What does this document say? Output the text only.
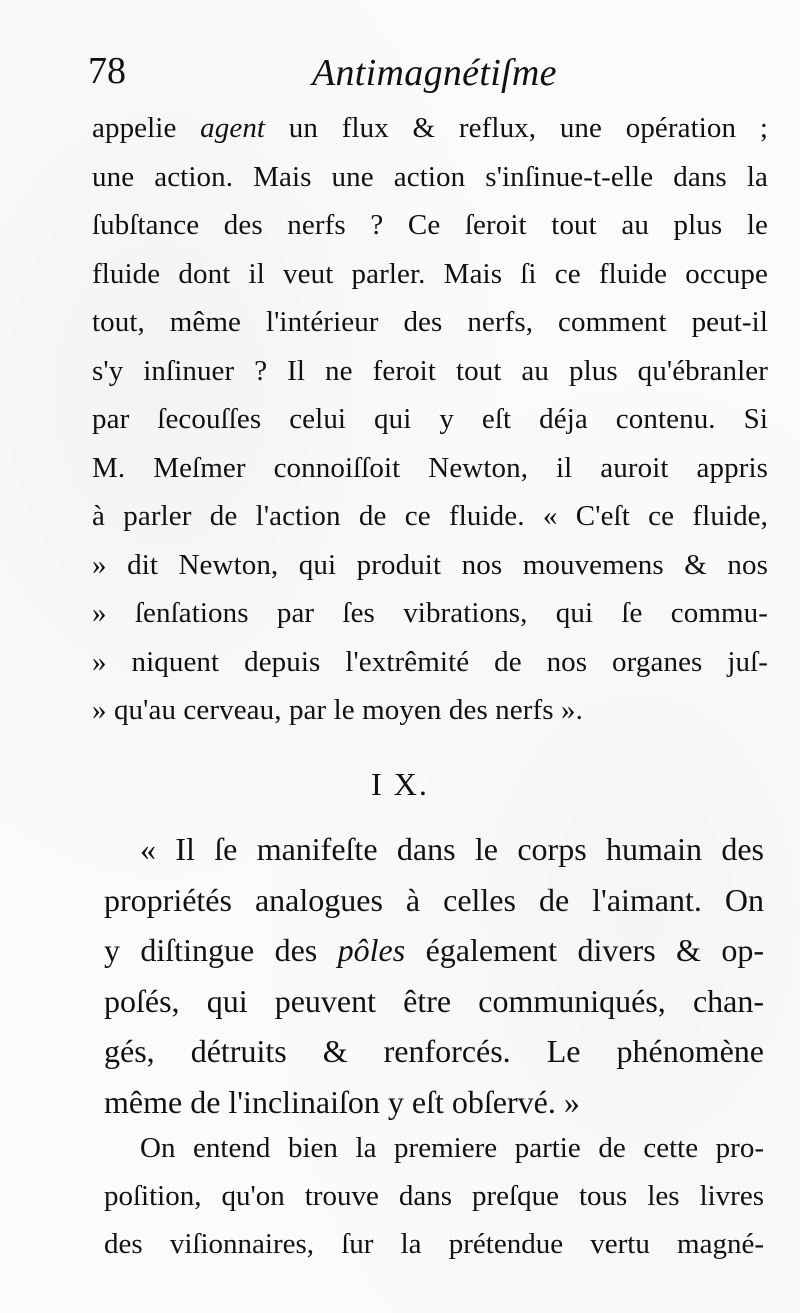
78	Antimagnétiſme
appelie agent un flux & reflux, une opération ;
une action. Mais une action s'inſinue-t-elle dans la
ſubſtance des nerfs ? Ce ſeroit tout au plus le
fluide dont il veut parler. Mais ſi ce fluide occupe
tout, même l'intérieur des nerfs, comment peut-il
s'y inſinuer ? Il ne feroit tout au plus qu'ébranler
par ſecouſſes celui qui y eſt déja contenu. Si
M. Meſmer connoiſſoit Newton, il auroit appris
à parler de l'action de ce fluide. « C'eſt ce fluide,
» dit Newton, qui produit nos mouvemens & nos
» ſenſations par ſes vibrations, qui ſe commu-
» niquent depuis l'extrêmité de nos organes juſ-
» qu'au cerveau, par le moyen des nerfs ».
I X.
« Il ſe manifeſte dans le corps humain des
propriétés analogues à celles de l'aimant. On
y diſtingue des pôles également divers & op-
poſés, qui peuvent être communiqués, chan-
gés, détruits & renforcés. Le phénomène
même de l'inclinaiſon y eſt obſervé. »
On entend bien la premiere partie de cette pro-
poſition, qu'on trouve dans preſque tous les livres
des viſionnaires, ſur la prétendue vertu magné-
